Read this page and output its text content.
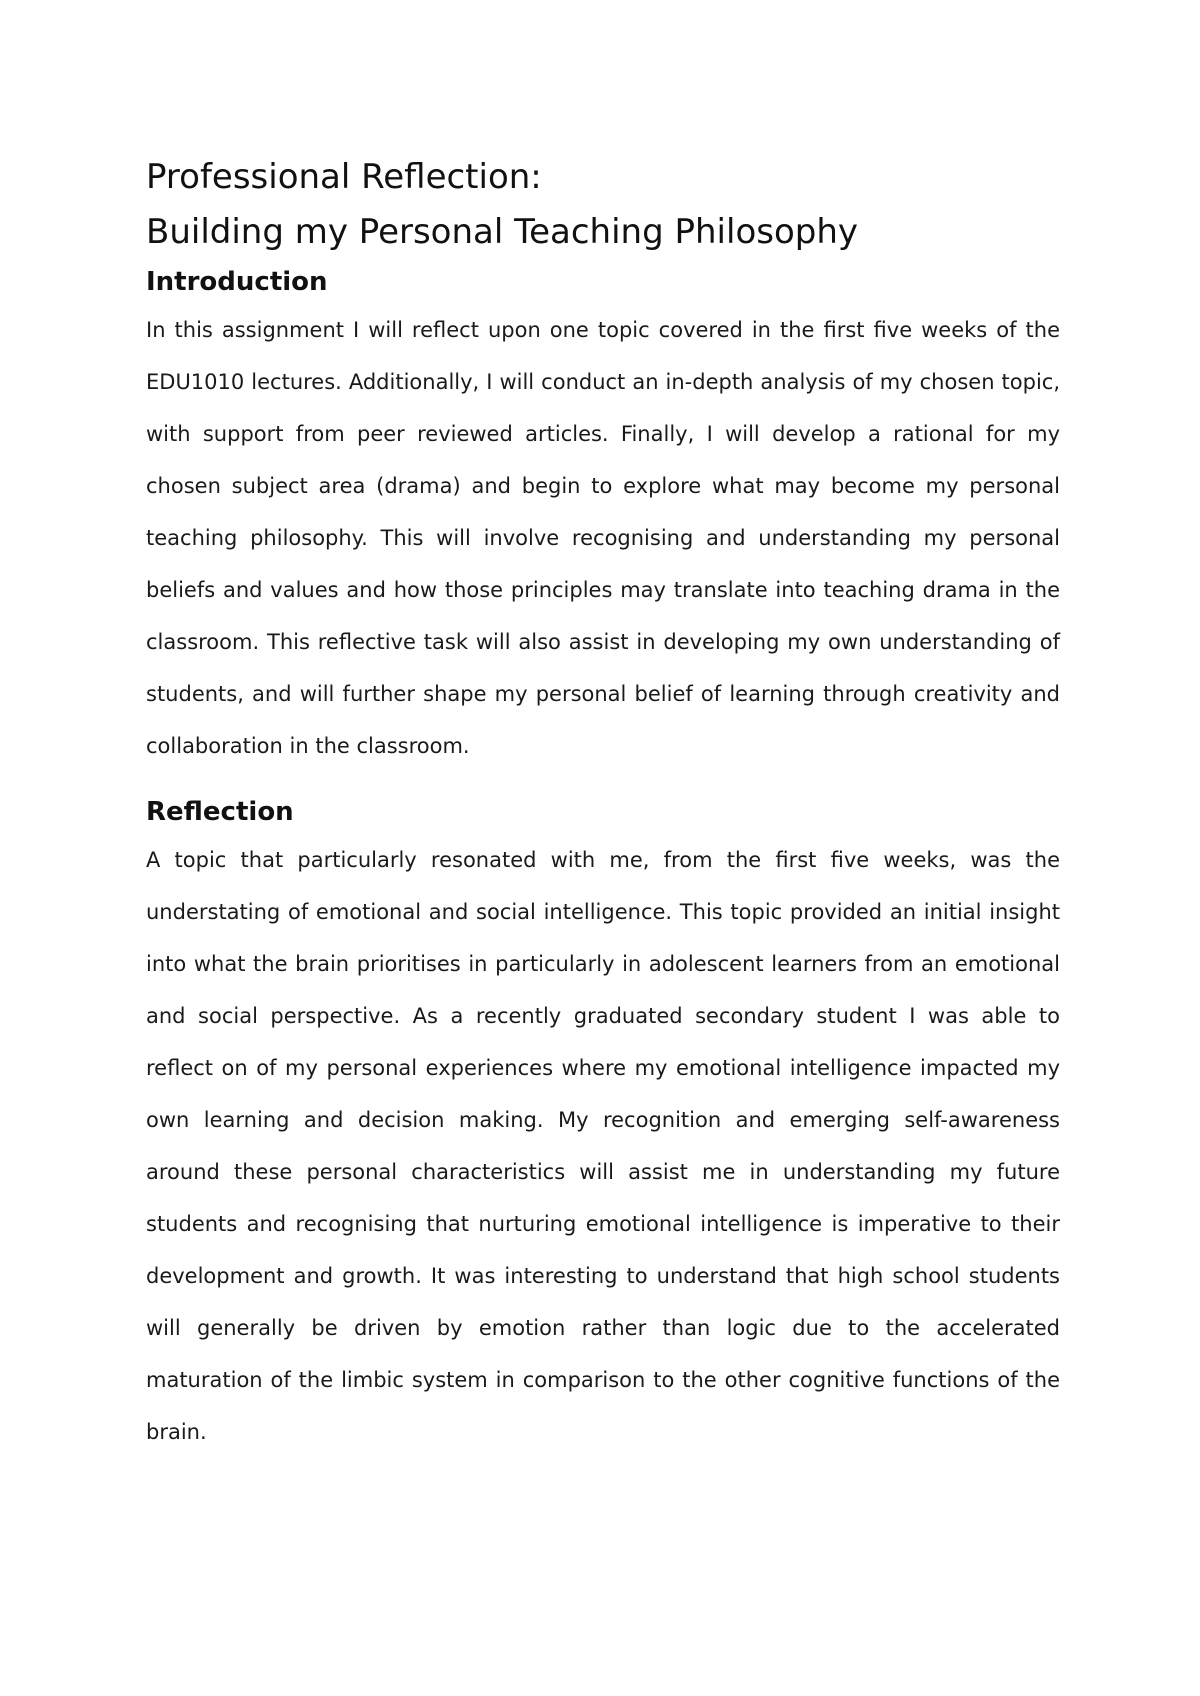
Professional Reflection:
Building my Personal Teaching Philosophy
Introduction

In this assignment I will reflect upon one topic covered in the first five weeks of the EDU1010 lectures. Additionally, I will conduct an in-depth analysis of my chosen topic, with support from peer reviewed articles. Finally, I will develop a rational for my chosen subject area (drama) and begin to explore what may become my personal teaching philosophy. This will involve recognising and understanding my personal beliefs and values and how those principles may translate into teaching drama in the classroom. This reflective task will also assist in developing my own understanding of students, and will further shape my personal belief of learning through creativity and collaboration in the classroom.

Reflection

A topic that particularly resonated with me, from the first five weeks, was the understating of emotional and social intelligence. This topic provided an initial insight into what the brain prioritises in particularly in adolescent learners from an emotional and social perspective. As a recently graduated secondary student I was able to reflect on of my personal experiences where my emotional intelligence impacted my own learning and decision making. My recognition and emerging self-awareness around these personal characteristics will assist me in understanding my future students and recognising that nurturing emotional intelligence is imperative to their development and growth. It was interesting to understand that high school students will generally be driven by emotion rather than logic due to the accelerated maturation of the limbic system in comparison to the other cognitive functions of the brain.
